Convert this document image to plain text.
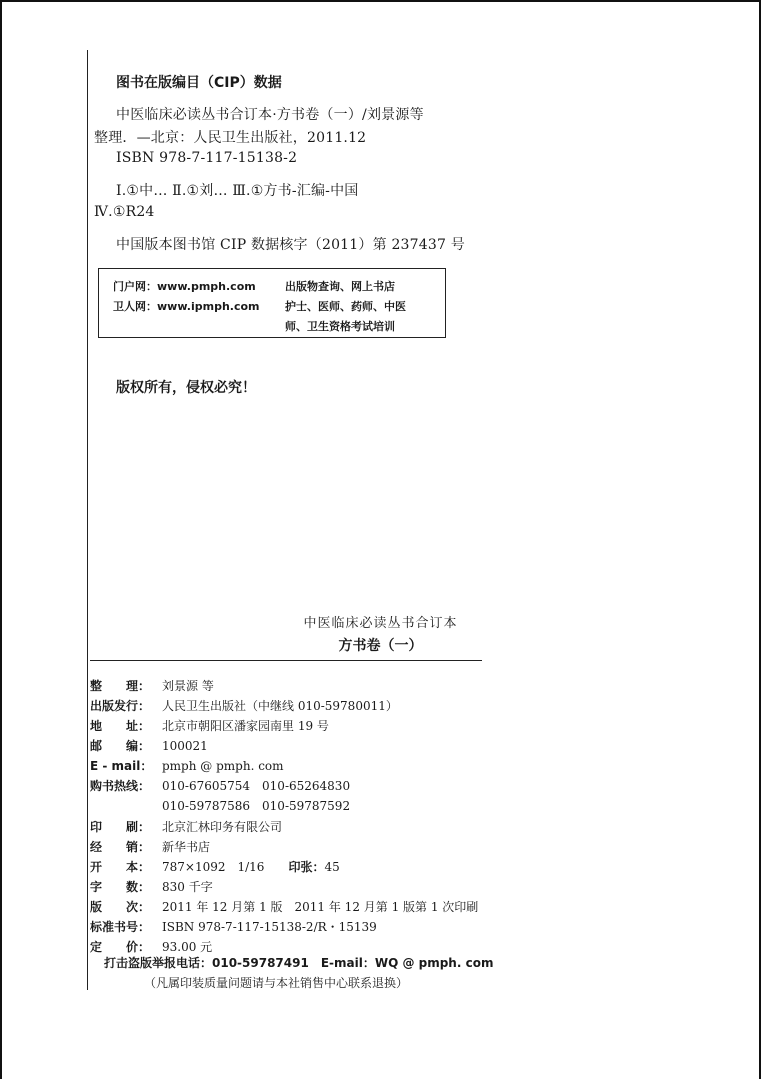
图书在版编目（CIP）数据
中医临床必读丛书合订本·方书卷（一）/刘景源等
整理．—北京：人民卫生出版社，2011.12
ISBN 978-7-117-15138-2
Ⅰ.①中… Ⅱ.①刘… Ⅲ.①方书-汇编-中国
Ⅳ.①R24
中国版本图书馆 CIP 数据核字（2011）第 237437 号
门户网：www.pmph.com	出版物查询、网上书店
卫人网：www.ipmph.com 护士、医师、药师、中医
师、卫生资格考试培训
版权所有，侵权必究！
中医临床必读丛书合订本
方书卷（一）
整　　理： 刘景源 等
出版发行： 人民卫生出版社（中继线 010-59780011）
地　　址： 北京市朝阳区潘家园南里 19 号
邮　　编： 100021
E - mail： pmph @ pmph. com
购书热线： 010-67605754　010-65264830
010-59787586　010-59787592
印　　刷： 北京汇林印务有限公司
经　　销： 新华书店
开　　本： 787×1092　1/16 印张：45
字　　数： 830 千字
版　　次： 2011 年 12 月第 1 版　2011 年 12 月第 1 版第 1 次印刷
标准书号： ISBN 978-7-117-15138-2/R・15139
定　　价： 93.00 元
打击盗版举报电话：010-59787491　E-mail：WQ @ pmph. com
（凡属印装质量问题请与本社销售中心联系退换）
